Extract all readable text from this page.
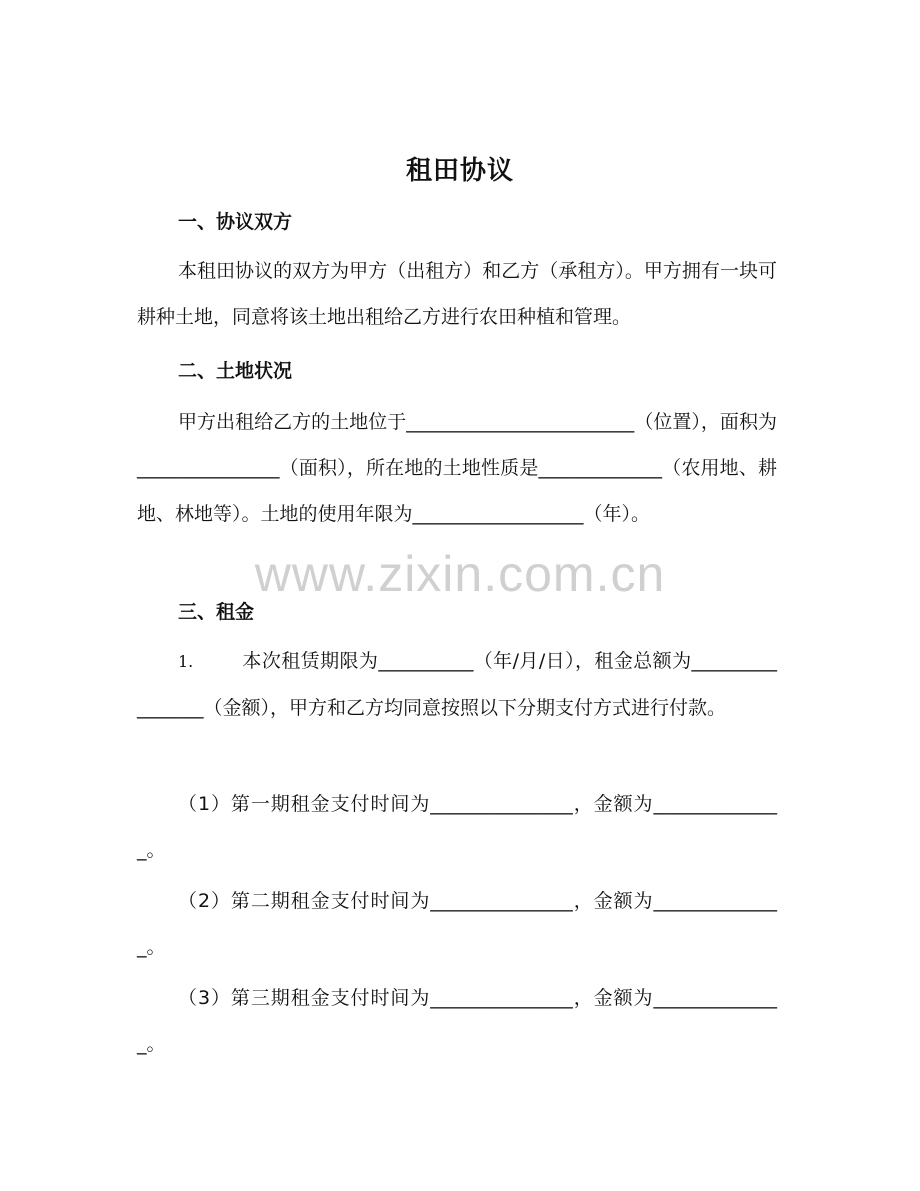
租田协议
一、协议双方
本租田协议的双方为甲方（出租方）和乙方（承租方）。甲方拥有一块可耕种土地，同意将该土地出租给乙方进行农田种植和管理。
二、土地状况
甲方出租给乙方的土地位于________________________（位置），面积为_______________（面积），所在地的土地性质是_____________（农用地、耕地、林地等）。土地的使用年限为__________________（年）。
三、租金
1.	本次租赁期限为__________（年/月/日），租金总额为________________（金额），甲方和乙方均同意按照以下分期支付方式进行付款。
（1）第一期租金支付时间为_______________，金额为______________。
（2）第二期租金支付时间为_______________，金额为______________。
（3）第三期租金支付时间为_______________，金额为______________。
www.zixin.com.cn
